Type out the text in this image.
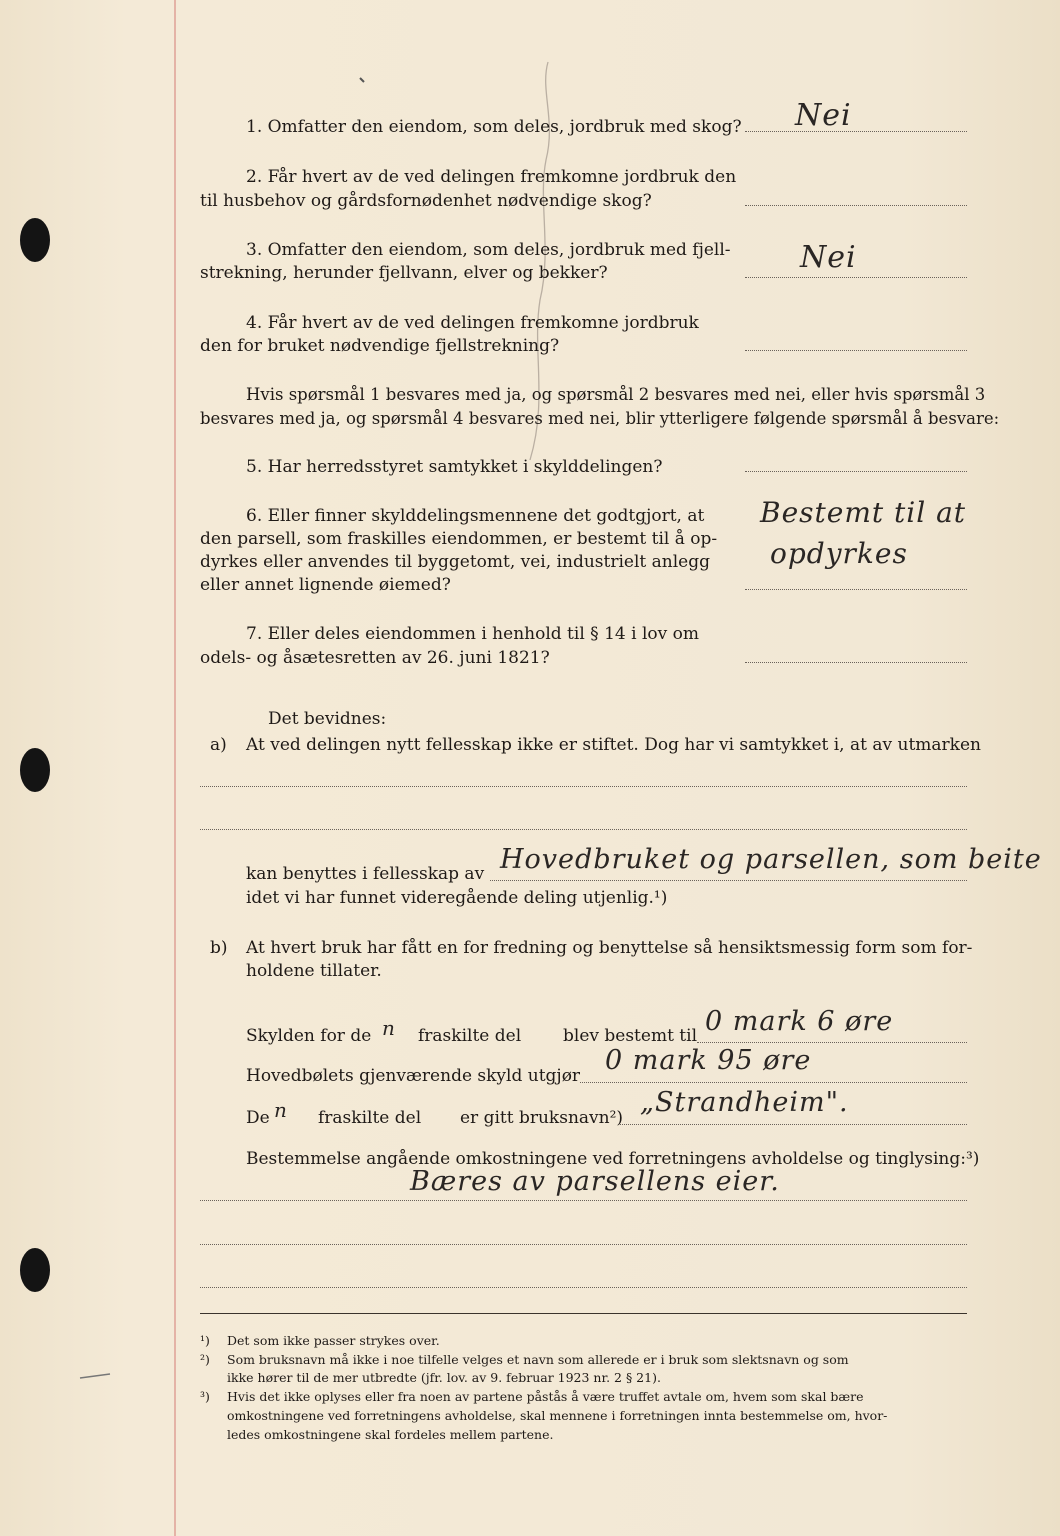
1. Omfatter den eiendom, som deles, jordbruk med skog? Nei
2. Får hvert av de ved delingen fremkomne jordbruk den
til husbehov og gårdsfornødenhet nødvendige skog?
3. Omfatter den eiendom, som deles, jordbruk med fjell-
strekning, herunder fjellvann, elver og bekker?	Nei
4. Får hvert av de ved delingen fremkomne jordbruk
den for bruket nødvendige fjellstrekning?
Hvis spørsmål 1 besvares med ja, og spørsmål 2 besvares med nei, eller hvis spørsmål 3
besvares med ja, og spørsmål 4 besvares med nei, blir ytterligere følgende spørsmål å besvare:
5. Har herredsstyret samtykket i skylddelingen?
6. Eller finner skylddelingsmennene det godtgjort, at
den parsell, som fraskilles eiendommen, er bestemt til å op-
dyrkes eller anvendes til byggetomt, vei, industrielt anlegg
eller annet lignende øiemed?
Bestemt til at
opdyrkes
7. Eller deles eiendommen i henhold til § 14 i lov om
odels- og åsætesretten av 26. juni 1821?
Det bevidnes:
a) At ved delingen nytt fellesskap ikke er stiftet. Dog har vi samtykket i, at av utmarken
kan benyttes i fellesskap av Hovedbruket og parsellen, som beite
idet vi har funnet videregående deling utjenlig.¹)
b) At hvert bruk har fått en for fredning og benyttelse så hensiktsmessig form som for-
holdene tillater.
Skylden for de n fraskilte del blev bestemt til 0 mark 6 øre
Hovedbølets gjenværende skyld utgjør 0 mark 95 øre
De n fraskilte del er gitt bruksnavn²) „Strandheim".
Bestemmelse angående omkostningene ved forretningens avholdelse og tinglysing:³)
Bæres av parsellens eier.
¹) Det som ikke passer strykes over.
²) Som bruksnavn må ikke i noe tilfelle velges et navn som allerede er i bruk som slektsnavn og som
ikke hører til de mer utbredte (jfr. lov. av 9. februar 1923 nr. 2 § 21).
³) Hvis det ikke oplyses eller fra noen av partene påstås å være truffet avtale om, hvem som skal bære
omkostningene ved forretningens avholdelse, skal mennene i forretningen innta bestemmelse om, hvor-
ledes omkostningene skal fordeles mellem partene.
